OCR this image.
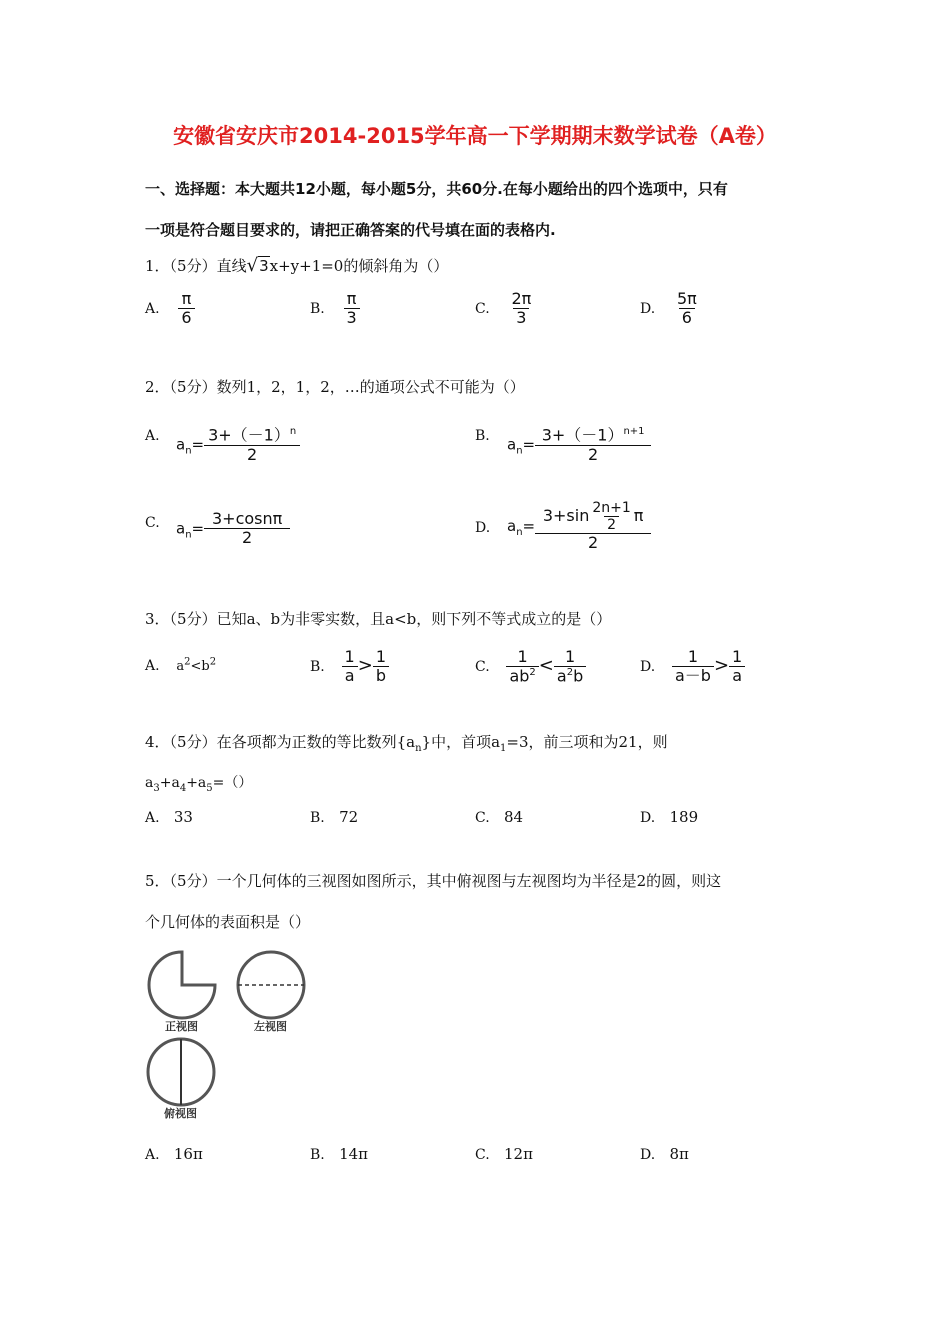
安徽省安庆市2014-2015学年高一下学期期末数学试卷（A卷）
一、选择题：本大题共12小题，每小题5分，共60分.在每小题给出的四个选项中，只有
一项是符合题目要求的，请把正确答案的代号填在面的表格内.
1．（5分）直线√3x+y+1=0的倾斜角为（）
A. $\frac{\pi}{6}$	B. $\frac{\pi}{3}$	C. $\frac{2\pi}{3}$	D. $\frac{5\pi}{6}$
2．（5分）数列1，2，1，2，…的通项公式不可能为（）
A. $a_n= \frac{3+(-1)^n}{2}$	B. $a_n= \frac{3+(-1)^{n+1}}{2}$
C. $a_n= \frac{3+\cos n\pi}{2}$	D. $a_n= \frac{3+\sin \frac{2n+1}{2} \pi}{2}$
3．（5分）已知a、b为非零实数，且a<b，则下列不等式成立的是（）
A. $a^2<b^2$	B. $\frac{1}{a} > \frac{1}{b}$	C. $\frac{1}{ab^2} < \frac{1}{a^2b}$	D. $\frac{1}{a-b} > \frac{1}{a}$
4．（5分）在各项都为正数的等比数列$\{a_n\}$中，首项$a_1=3$，前三项和为21，则
$a_3+a_4+a_5=()$
A. 33	B. 72	C. 84	D. 189
5．（5分）一个几何体的三视图如图所示，其中俯视图与左视图均为半径是2的圆，则这
个几何体的表面积是（）
正视图	左视图
俯视图
A. 16π	B. 14π	C. 12π	D. 8π
